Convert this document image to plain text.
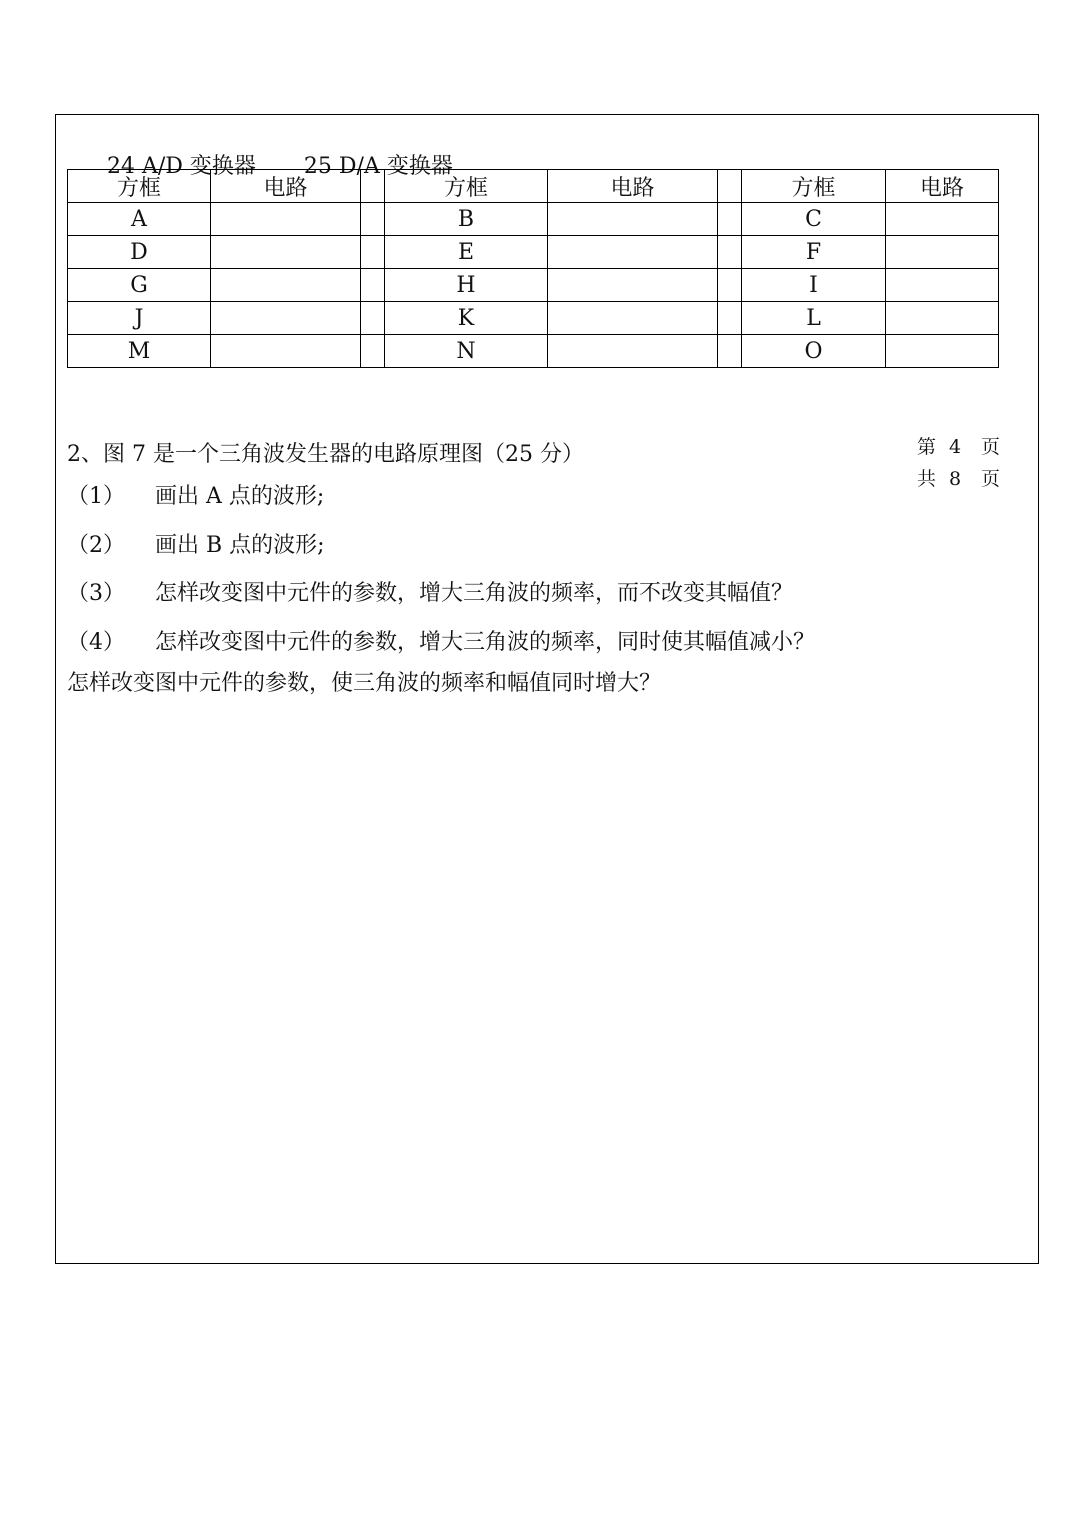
24 A/D 变换器 25 D/A 变换器

方框	电路		方框	电路		方框	电路
A			B			C	
D			E			F	
G			H			I	
J			K			L	
M			N			O	
第 4 页
共 8 页
2、图 7 是一个三角波发生器的电路原理图（25 分）
（1） 画出 A 点的波形;
（2） 画出 B 点的波形;
（3） 怎样改变图中元件的参数，增大三角波的频率，而不改变其幅值？
（4） 怎样改变图中元件的参数，增大三角波的频率，同时使其幅值减小？
怎样改变图中元件的参数，使三角波的频率和幅值同时增大？
